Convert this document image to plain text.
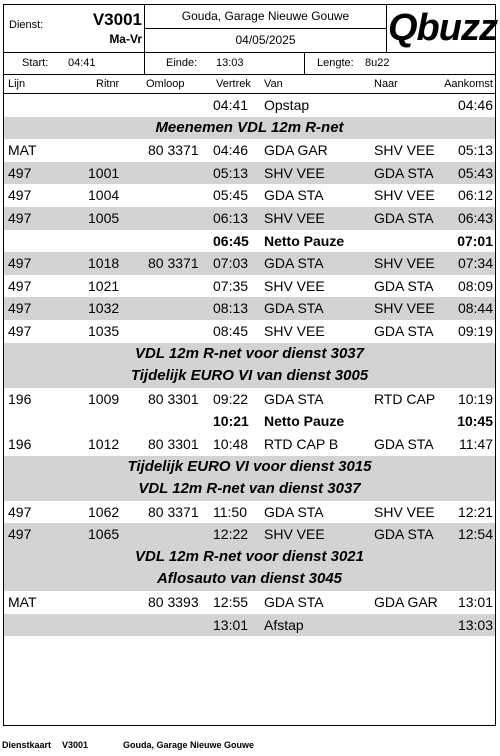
Dienst:	V3001
Ma-Vr
Gouda, Garage Nieuwe Gouwe
04/05/2025	Qbuzz
Start: 04:41	Einde: 13:03	Lengte: 8u22
Lijn	Ritnr Omloop	Vertrek Van	Naar	Aankomst
04:41 Opstap	04:46
Meenemen VDL 12m R-net
MAT	80 3371 04:46 GDA GAR	SHV VEE 05:13
497	1001	05:13 SHV VEE	GDA STA 05:43
497	1004	05:45 GDA STA	SHV VEE 06:12
497	1005	06:13 SHV VEE	GDA STA 06:43
06:45 Netto Pauze	07:01
497	1018 80 3371 07:03 GDA STA	SHV VEE 07:34
497	1021	07:35 SHV VEE	GDA STA 08:09
497	1032	08:13 GDA STA	SHV VEE 08:44
497	1035	08:45 SHV VEE	GDA STA 09:19
VDL 12m R-net voor dienst 3037
Tijdelijk EURO VI van dienst 3005
196	1009 80 3301 09:22 GDA STA	RTD CAP 10:19
10:21 Netto Pauze	10:45
196	1012 80 3301 10:48 RTD CAP B	GDA STA 11:47
Tijdelijk EURO VI voor dienst 3015
VDL 12m R-net van dienst 3037
497	1062 80 3371 11:50 GDA STA	SHV VEE 12:21
497	1065	12:22 SHV VEE	GDA STA 12:54
VDL 12m R-net voor dienst 3021
Aflosauto van dienst 3045
MAT	80 3393 12:55 GDA STA	GDA GAR 13:01
13:01 Afstap	13:03
Dienstkaart V3001	Gouda, Garage Nieuwe Gouwe
